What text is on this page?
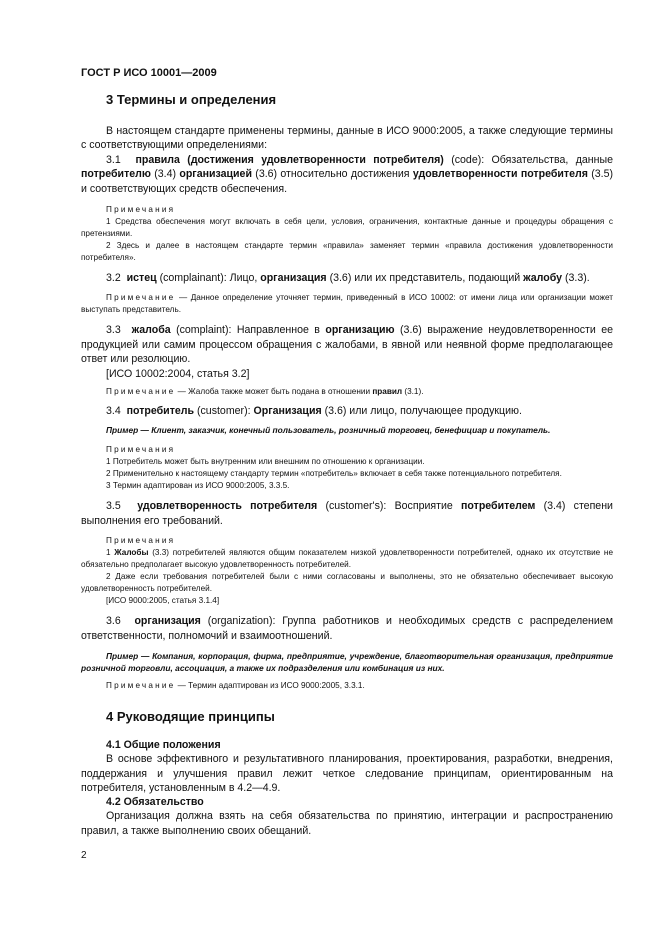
ГОСТ Р ИСО 10001—2009
3 Термины и определения

В настоящем стандарте применены термины, данные в ИСО 9000:2005, а также следующие термины с соответствующими определениями:

3.1 правила (достижения удовлетворенности потребителя) (code): Обязательства, данные потребителю (3.4) организацией (3.6) относительно достижения удовлетворенности потребителя (3.5) и соответствующих средств обеспечения.

Примечания

1 Средства обеспечения могут включать в себя цели, условия, ограничения, контактные данные и процедуры обращения с претензиями.

2 Здесь и далее в настоящем стандарте термин «правила» заменяет термин «правила достижения удовлетворенности потребителя».

3.2 истец (complainant): Лицо, организация (3.6) или их представитель, подающий жалобу (3.3).

Примечание — Данное определение уточняет термин, приведенный в ИСО 10002: от имени лица или организации может выступать представитель.

3.3 жалоба (complaint): Направленное в организацию (3.6) выражение неудовлетворенности ее продукцией или самим процессом обращения с жалобами, в явной или неявной форме предполагающее ответ или резолюцию.

[ИСО 10002:2004, статья 3.2]

Примечание — Жалоба также может быть подана в отношении правил (3.1).

3.4 потребитель (customer): Организация (3.6) или лицо, получающее продукцию.

Пример — Клиент, заказчик, конечный пользователь, розничный торговец, бенефициар и покупатель.

Примечания

1 Потребитель может быть внутренним или внешним по отношению к организации.

2 Применительно к настоящему стандарту термин «потребитель» включает в себя также потенциального потребителя.

3 Термин адаптирован из ИСО 9000:2005, 3.3.5.

3.5 удовлетворенность потребителя (customer's): Восприятие потребителем (3.4) степени выполнения его требований.

Примечания

1 Жалобы (3.3) потребителей являются общим показателем низкой удовлетворенности потребителей, однако их отсутствие не обязательно предполагает высокую удовлетворенность потребителей.

2 Даже если требования потребителей были с ними согласованы и выполнены, это не обязательно обеспечивает высокую удовлетворенность потребителей.

[ИСО 9000:2005, статья 3.1.4]

3.6 организация (organization): Группа работников и необходимых средств с распределением ответственности, полномочий и взаимоотношений.

Пример — Компания, корпорация, фирма, предприятие, учреждение, благотворительная организация, предприятие розничной торговли, ассоциация, а также их подразделения или комбинация из них.

Примечание — Термин адаптирован из ИСО 9000:2005, 3.3.1.

4 Руководящие принципы

4.1 Общие положения

В основе эффективного и результативного планирования, проектирования, разработки, внедрения, поддержания и улучшения правил лежит четкое следование принципам, ориентированным на потребителя, установленным в 4.2—4.9.

4.2 Обязательство

Организация должна взять на себя обязательства по принятию, интеграции и распространению правил, а также выполнению своих обещаний.

2
